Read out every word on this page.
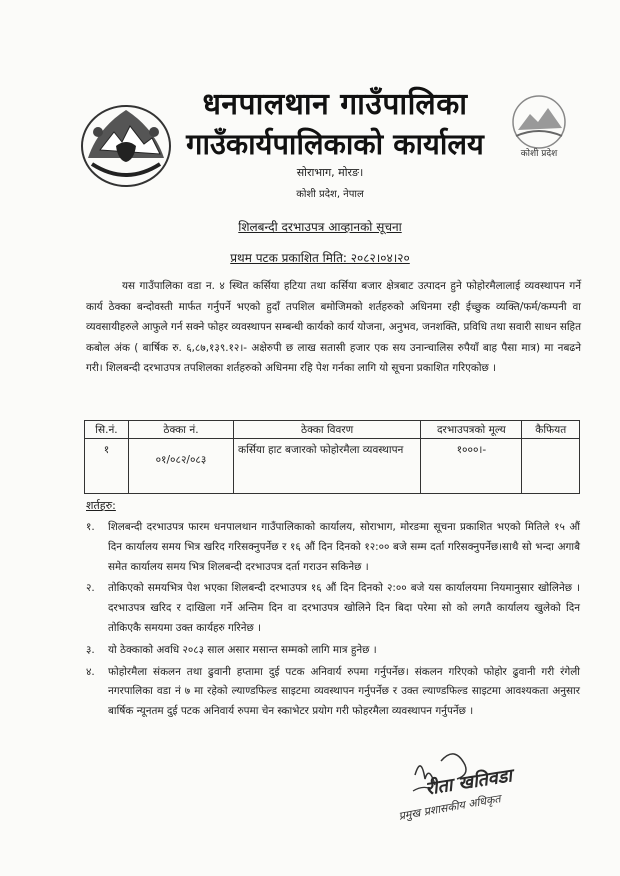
कोशी प्रदेश
धनपालथान गाउँपालिका
गाउँकार्यपालिकाको कार्यालय
सोराभाग, मोरङ।
कोशी प्रदेश, नेपाल
शिलबन्दी दरभाउपत्र आव्हानको सूचना
प्रथम पटक प्रकाशित मिति: २०८२।०४।२०
यस गाउँपालिका वडा न. ४ स्थित कर्सिया हटिया तथा कर्सिया बजार क्षेत्रबाट उत्पादन हुने फोहोरमैलालाई व्यवस्थापन गर्ने कार्य ठेक्का बन्दोवस्ती मार्फत गर्नुपर्ने भएको हुदाँ तपशिल बमोजिमको शर्तहरुको अधिनमा रही ईच्छुक व्यक्ति/फर्म/कम्पनी वा व्यवसायीहरुले आफुले गर्न सक्ने फोहर व्यवस्थापन सम्बन्धी कार्यको कार्य योजना, अनुभव, जनशक्ति, प्रविधि तथा सवारी साधन सहित कबोल अंक ( बार्षिक रु. ६,८७,१३९.१२।- अक्षेरुपी छ लाख सतासी हजार एक सय उनान्चालिस रुपैयाँ बाह पैसा मात्र) मा नबढने गरी। शिलबन्दी दरभाउपत्र तपशिलका शर्तहरुको अधिनमा रहि पेश गर्नका लागि यो सूचना प्रकाशित गरिएकोछ ।
सि.नं.	ठेक्का नं.	ठेक्का विवरण	दरभाउपत्रको मूल्य	कैफियत
१	०१/०८२/०८३	कर्सिया हाट बजारको फोहोरमैला व्यवस्थापन	१०००।-	
शर्तहरु:
१. शिलबन्दी दरभाउपत्र फारम धनपालथान गाउँपालिकाको कार्यालय, सोराभाग, मोरङमा सूचना प्रकाशित भएको मितिले १५ औं दिन कार्यालय समय भित्र खरिद गरिसक्नुपर्नेछ र १६ औं दिन दिनको १२:०० बजे सम्म दर्ता गरिसक्नुपर्नेछ।साथै सो भन्दा अगाबै समेत कार्यालय समय भित्र शिलबन्दी दरभाउपत्र दर्ता गराउन सकिनेछ ।
२. तोकिएको समयभित्र पेश भएका शिलबन्दी दरभाउपत्र १६ औं दिन दिनको २:०० बजे यस कार्यालयमा नियमानुसार खोलिनेछ । दरभाउपत्र खरिद र दाखिला गर्ने अन्तिम दिन वा दरभाउपत्र खोलिने दिन बिदा परेमा सो को लगतै कार्यालय खुलेको दिन तोकिएकै समयमा उक्त कार्यहरु गरिनेछ ।
३. यो ठेक्काको अवधि २०८३ साल असार मसान्त सम्मको लागि मात्र हुनेछ ।
४. फोहोरमैला संकलन तथा ढुवानी हप्तामा दुई पटक अनिवार्य रुपमा गर्नुपर्नेछ। संकलन गरिएको फोहोर ढुवानी गरी रंगेली नगरपालिका वडा नं ७ मा रहेको ल्याण्डफिल्ड साइटमा व्यवस्थापन गर्नुपर्नेछ र उक्त ल्याण्डफिल्ड साइटमा आवश्यकता अनुसार बार्षिक न्यूनतम दुई पटक अनिवार्य रुपमा चेन स्काभेटर प्रयोग गरी फोहरमैला व्यवस्थापन गर्नुपर्नेछ ।
रीता खतिवडा
प्रमुख प्रशासकीय अधिकृत
